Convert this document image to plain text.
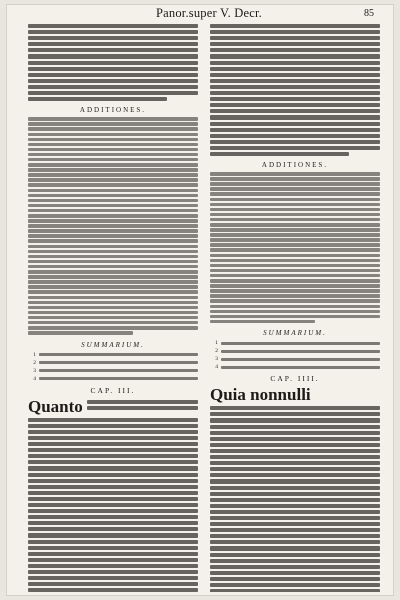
Panor.super V. Decr.	85
ADDITIONES.
SUMMARIUM.
1
2
3
4
CAP. III.
Quanto
ADDITIONES.
SUMMARIUM.
1
2
3
4
CAP. IIII.
Quia nonnulli
